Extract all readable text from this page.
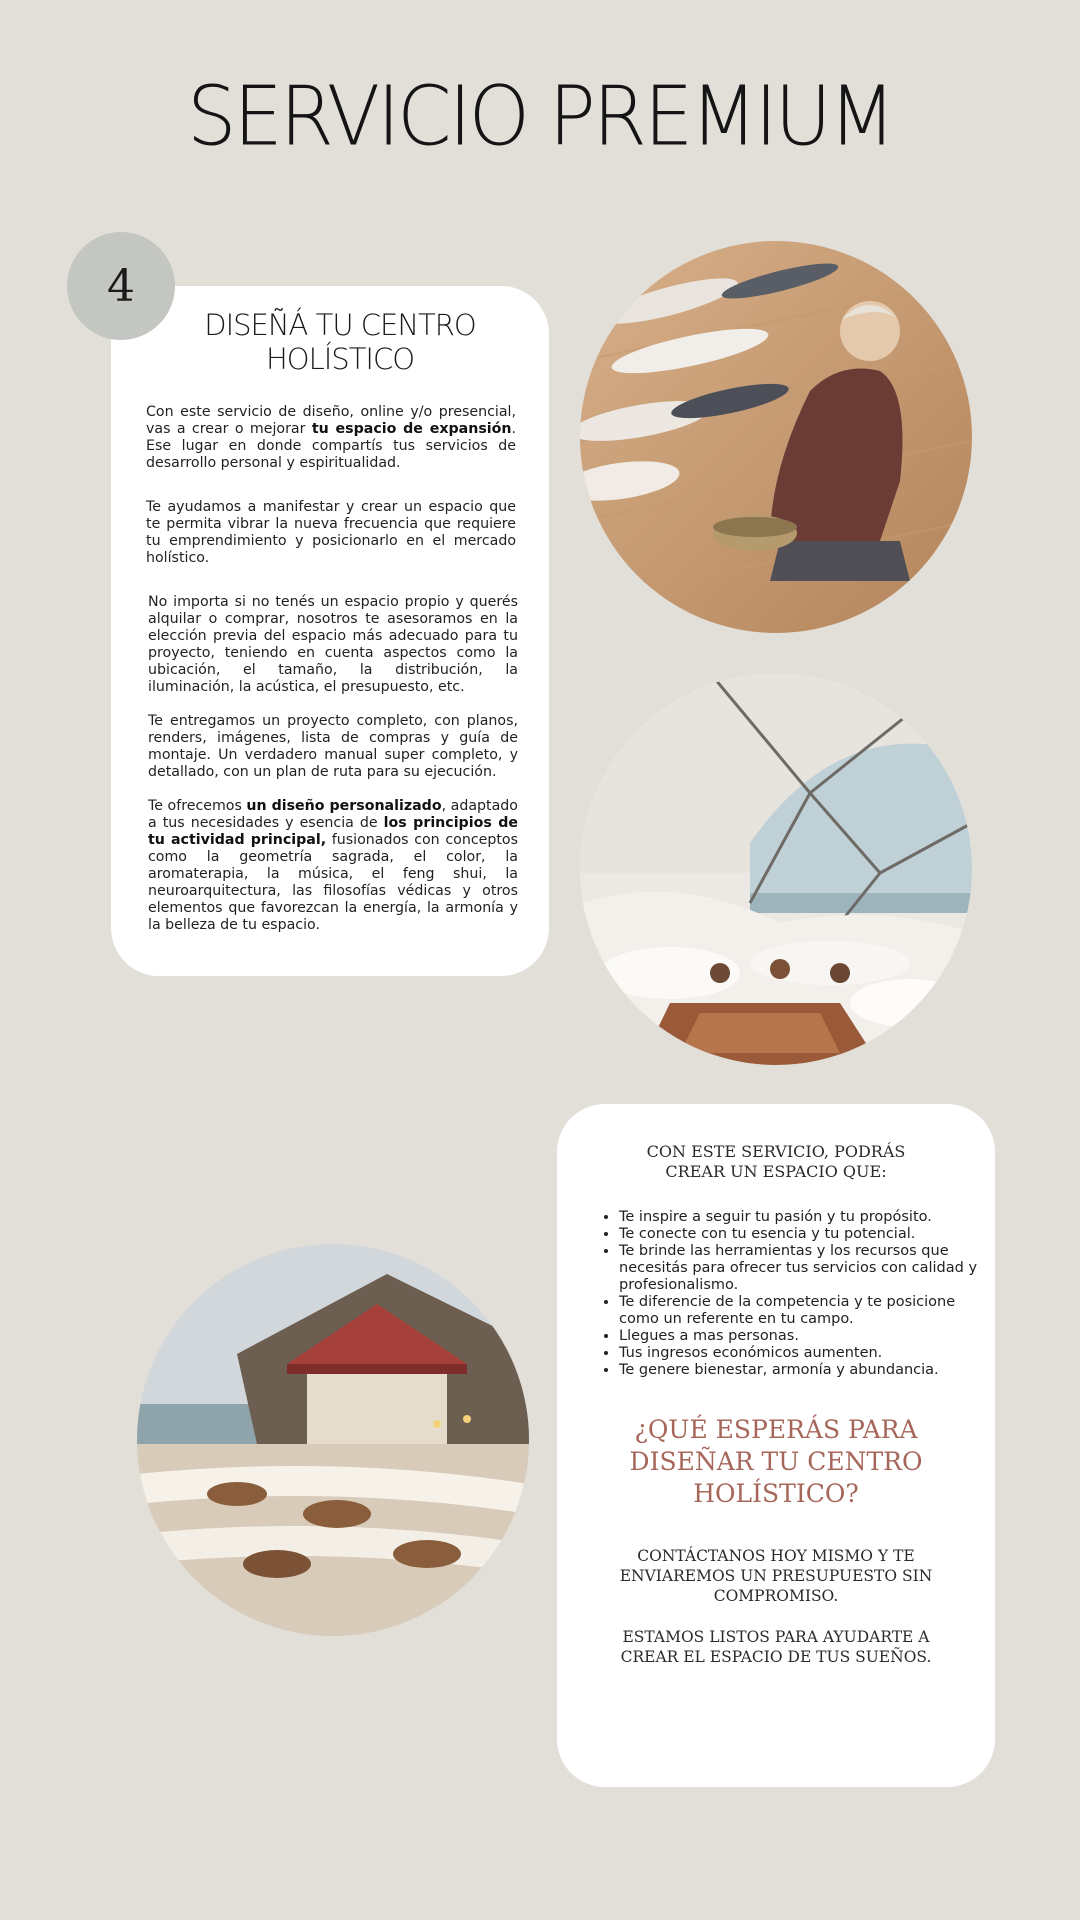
SERVICIO PREMIUM
4
DISEÑÁ TU CENTRO HOLÍSTICO

Con este servicio de diseño, online y/o presencial, vas a crear o mejorar tu espacio de expansión. Ese lugar en donde compartís tus servicios de desarrollo personal y espiritualidad.

Te ayudamos a manifestar y crear un espacio que te permita vibrar la nueva frecuencia que requiere tu emprendimiento y posicionarlo en el mercado holístico.

No importa si no tenés un espacio propio y querés alquilar o comprar, nosotros te asesoramos en la elección previa del espacio más adecuado para tu proyecto, teniendo en cuenta aspectos como la ubicación, el tamaño, la distribución, la iluminación, la acústica, el presupuesto, etc.

Te entregamos un proyecto completo, con planos, renders, imágenes, lista de compras y guía de montaje. Un verdadero manual super completo, y detallado, con un plan de ruta para su ejecución.

Te ofrecemos un diseño personalizado, adaptado a tus necesidades y esencia de los principios de tu actividad principal, fusionados con conceptos como la geometría sagrada, el color, la aromaterapia, la música, el feng shui, la neuroarquitectura, las filosofías védicas y otros elementos que favorezcan la energía, la armonía y la belleza de tu espacio.

CON ESTE SERVICIO, PODRÁS
CREAR UN ESPACIO QUE:
• Te inspire a seguir tu pasión y tu propósito.
• Te conecte con tu esencia y tu potencial.
• Te brinde las herramientas y los recursos que necesitás para ofrecer tus servicios con calidad y profesionalismo.
• Te diferencie de la competencia y te posicione como un referente en tu campo.
• Llegues a mas personas.
• Tus ingresos económicos aumenten.
• Te genere bienestar, armonía y abundancia.
¿QUÉ ESPERÁS PARA
DISEÑAR TU CENTRO
HOLÍSTICO?
CONTÁCTANOS HOY MISMO Y TE
ENVIAREMOS UN PRESUPUESTO SIN
COMPROMISO.
ESTAMOS LISTOS PARA AYUDARTE A
CREAR EL ESPACIO DE TUS SUEÑOS.
